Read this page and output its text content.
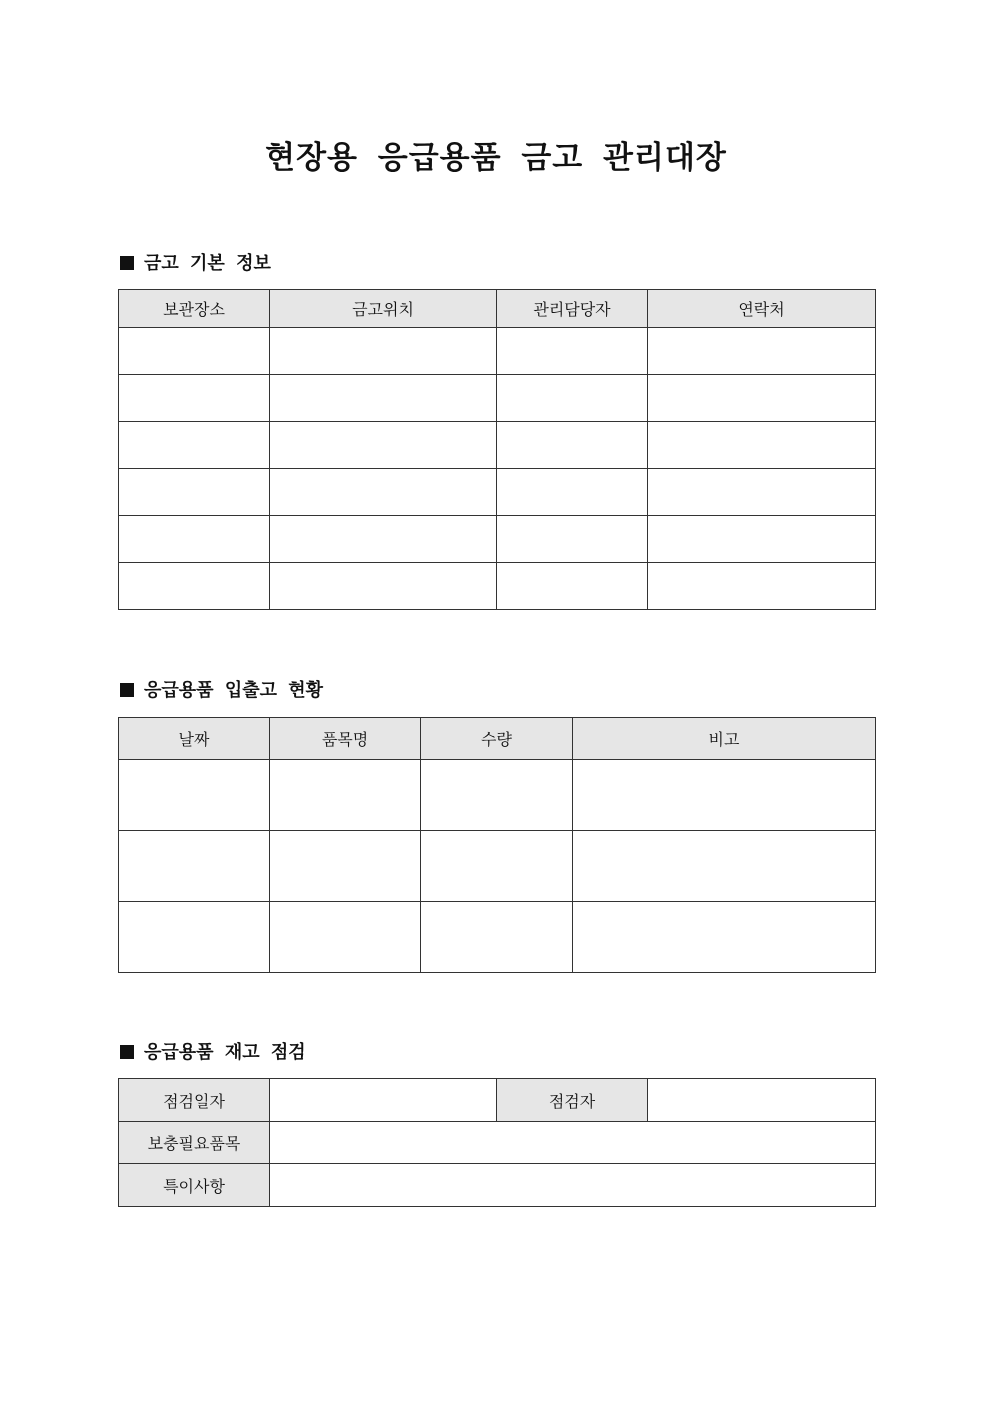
현장용 응급용품 금고 관리대장
금고 기본 정보
보관장소	금고위치	관리담당자	연락처

응급용품 입출고 현황
날짜	품목명	수량	비고

응급용품 재고 점검
점검일자		점검자	
보충필요품목			
특이사항			
